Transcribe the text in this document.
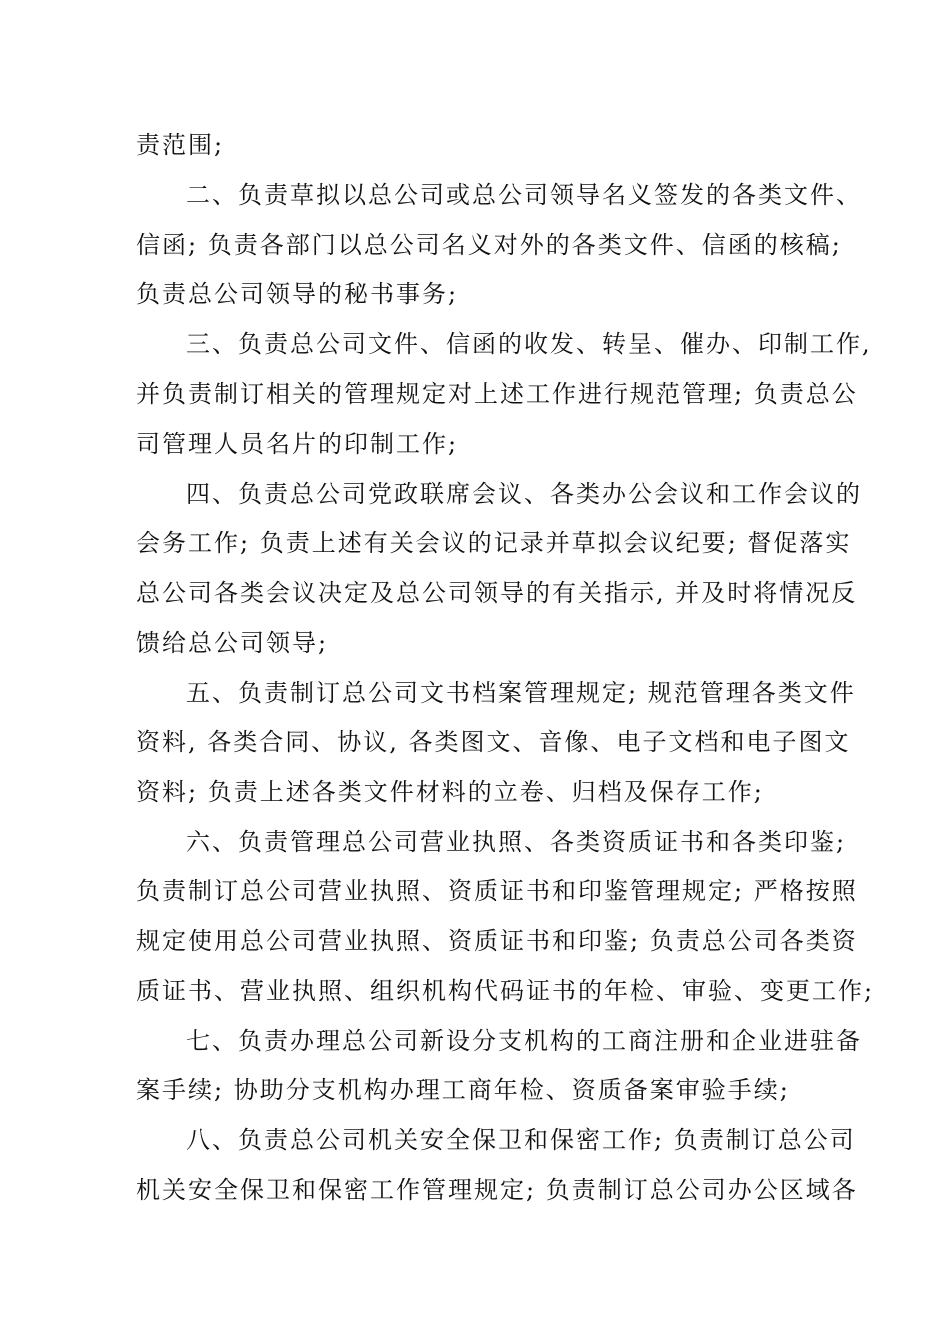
责范围;
二、负责草拟以总公司或总公司领导名义签发的各类文件、
信函; 负责各部门以总公司名义对外的各类文件、信函的核稿;
负责总公司领导的秘书事务;
三、负责总公司文件、信函的收发、转呈、催办、印制工作,
并负责制订相关的管理规定对上述工作进行规范管理; 负责总公
司管理人员名片的印制工作;
四、负责总公司党政联席会议、各类办公会议和工作会议的
会务工作; 负责上述有关会议的记录并草拟会议纪要; 督促落实
总公司各类会议决定及总公司领导的有关指示, 并及时将情况反
馈给总公司领导;
五、负责制订总公司文书档案管理规定; 规范管理各类文件
资料, 各类合同、协议, 各类图文、音像、电子文档和电子图文
资料; 负责上述各类文件材料的立卷、归档及保存工作;
六、负责管理总公司营业执照、各类资质证书和各类印鉴;
负责制订总公司营业执照、资质证书和印鉴管理规定; 严格按照
规定使用总公司营业执照、资质证书和印鉴; 负责总公司各类资
质证书、营业执照、组织机构代码证书的年检、审验、变更工作;
七、负责办理总公司新设分支机构的工商注册和企业进驻备
案手续; 协助分支机构办理工商年检、资质备案审验手续;
八、负责总公司机关安全保卫和保密工作; 负责制订总公司
机关安全保卫和保密工作管理规定; 负责制订总公司办公区域各
